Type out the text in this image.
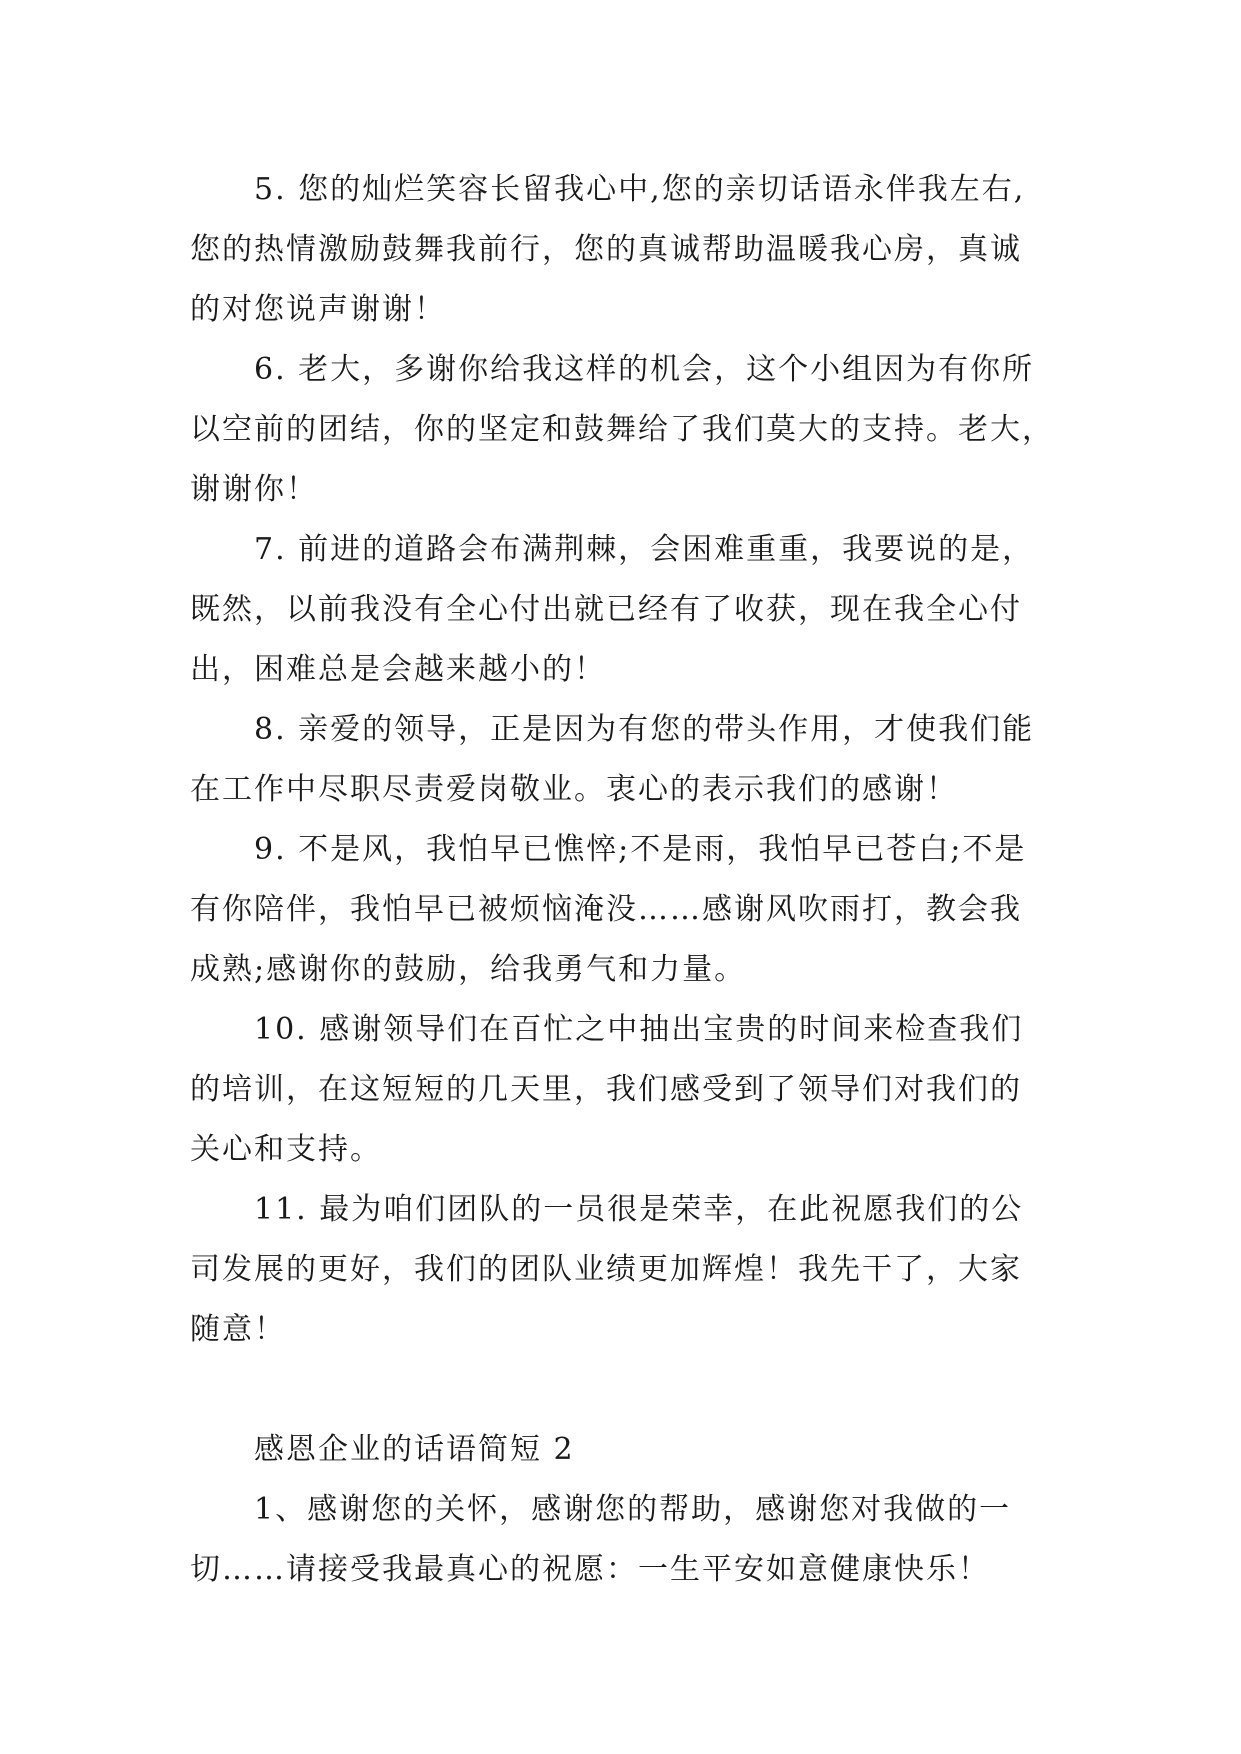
5. 您的灿烂笑容长留我心中,您的亲切话语永伴我左右,
您的热情激励鼓舞我前行，您的真诚帮助温暖我心房，真诚
的对您说声谢谢！
6. 老大，多谢你给我这样的机会，这个小组因为有你所
以空前的团结，你的坚定和鼓舞给了我们莫大的支持。老大，
谢谢你！
7. 前进的道路会布满荆棘，会困难重重，我要说的是，
既然，以前我没有全心付出就已经有了收获，现在我全心付
出，困难总是会越来越小的！
8. 亲爱的领导，正是因为有您的带头作用，才使我们能
在工作中尽职尽责爱岗敬业。衷心的表示我们的感谢！
9. 不是风，我怕早已憔悴;不是雨，我怕早已苍白;不是
有你陪伴，我怕早已被烦恼淹没……感谢风吹雨打，教会我
成熟;感谢你的鼓励，给我勇气和力量。
10. 感谢领导们在百忙之中抽出宝贵的时间来检查我们
的培训，在这短短的几天里，我们感受到了领导们对我们的
关心和支持。
11. 最为咱们团队的一员很是荣幸，在此祝愿我们的公
司发展的更好，我们的团队业绩更加辉煌！我先干了，大家
随意！
感恩企业的话语简短 2
1、感谢您的关怀，感谢您的帮助，感谢您对我做的一
切……请接受我最真心的祝愿：一生平安如意健康快乐！
